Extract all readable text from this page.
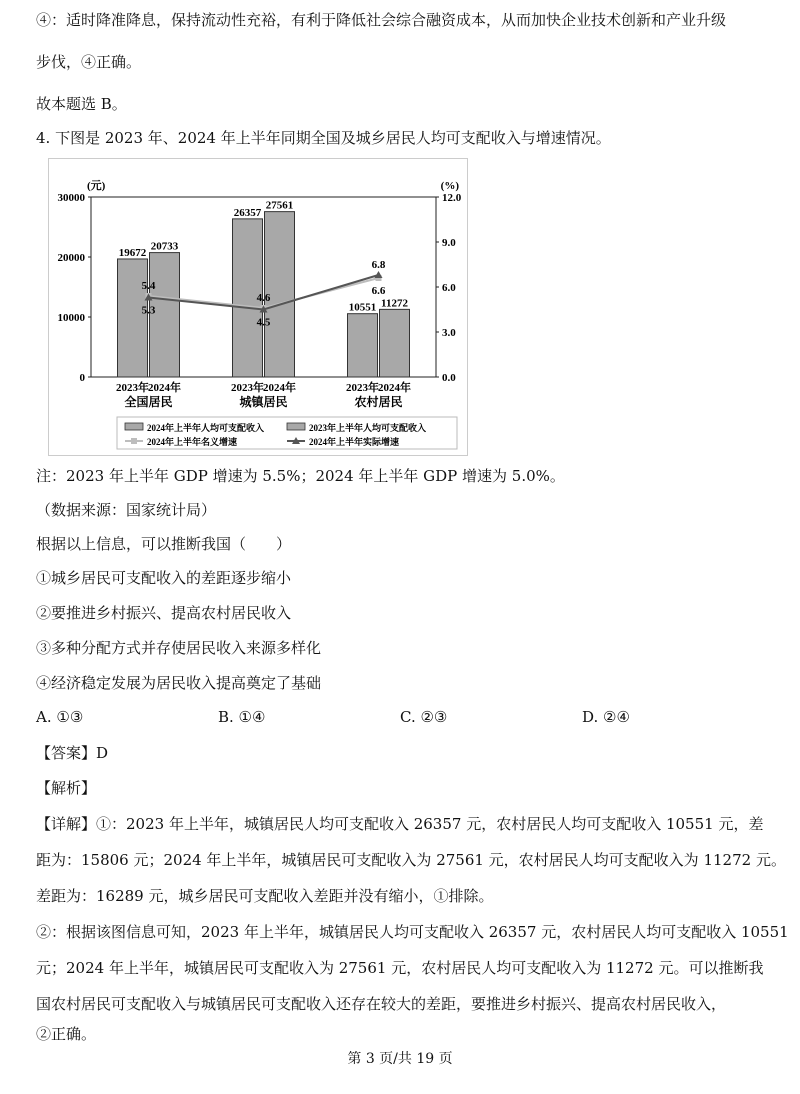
④：适时降准降息，保持流动性充裕，有利于降低社会综合融资成本，从而加快企业技术创新和产业升级
步伐，④正确。
故本题选 B。
4. 下图是 2023 年、2024 年上半年同期全国及城乡居民人均可支配收入与增速情况。
(元)	(%)
0
10000
20000
30000
0.0
3.0
6.0
9.0
12.0
19672
2023年
20733
2024年
全国居民
26357
2023年
27561
2024年
城镇居民
10551
2023年
11272
2024年
农村居民
5.4
5.3
4.6
4.5
6.8
6.6
2024年上半年人均可支配收入	2023年上半年人均可支配收入
2024年上半年名义增速	2024年上半年实际增速
注：2023 年上半年 GDP 增速为 5.5%；2024 年上半年 GDP 增速为 5.0%。
（数据来源：国家统计局）
根据以上信息，可以推断我国（　　）
①城乡居民可支配收入的差距逐步缩小
②要推进乡村振兴、提高农村居民收入
③多种分配方式并存使居民收入来源多样化
④经济稳定发展为居民收入提高奠定了基础
A. ①③	B. ①④	C. ②③	D. ②④
【答案】D
【解析】
【详解】①：2023 年上半年，城镇居民人均可支配收入 26357 元，农村居民人均可支配收入 10551 元，差
距为：15806 元；2024 年上半年，城镇居民可支配收入为 27561 元，农村居民人均可支配收入为 11272 元。
差距为：16289 元，城乡居民可支配收入差距并没有缩小，①排除。
②：根据该图信息可知，2023 年上半年，城镇居民人均可支配收入 26357 元，农村居民人均可支配收入 10551
元；2024 年上半年，城镇居民可支配收入为 27561 元，农村居民人均可支配收入为 11272 元。可以推断我
国农村居民可支配收入与城镇居民可支配收入还存在较大的差距，要推进乡村振兴、提高农村居民收入，
②正确。
第 3 页/共 19 页
